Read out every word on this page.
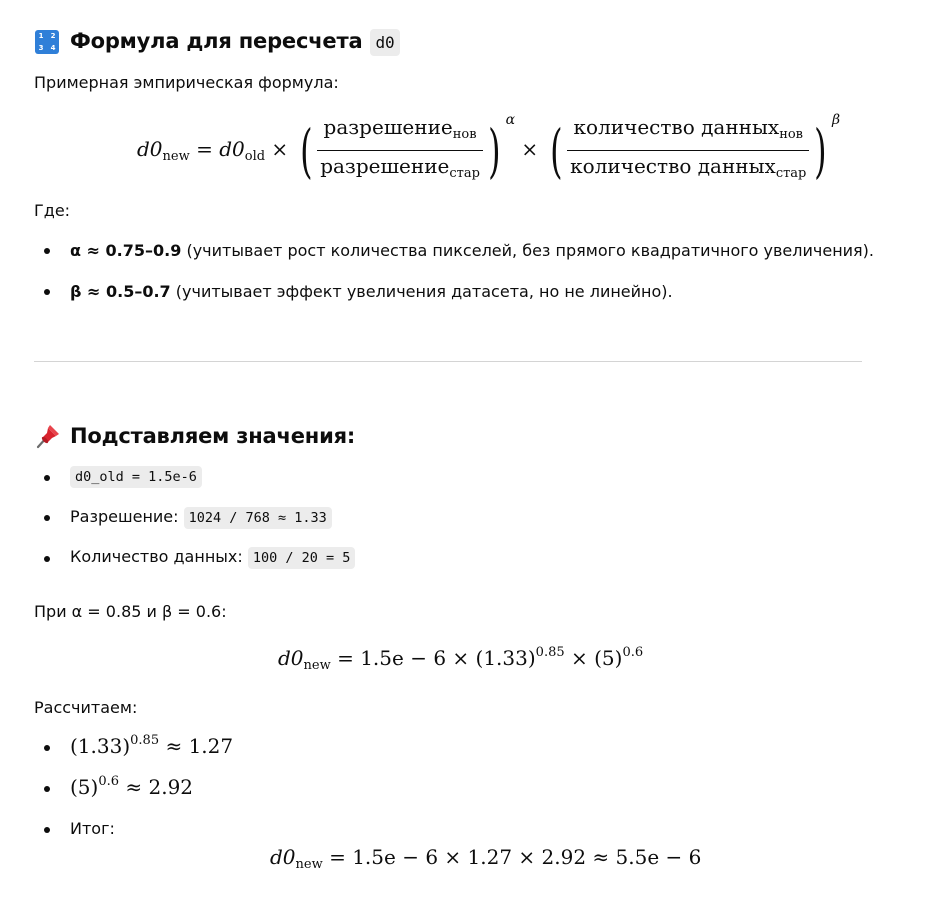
1	2
3	4 Формула для пересчета d0
Примерная эмпирическая формула:
$d0_{new} = d0_{old}$ × ( $\frac{разрешение_{нов}}{разрешение_{стар}}$ ) $^\alpha$ × ( $\frac{количество данных_{нов}}{количество данных_{стар}}$ ) $^\beta$
Где:
α ≈ 0.75–0.9 (учитывает рост количества пикселей, без прямого квадратичного увеличения).
β ≈ 0.5–0.7 (учитывает эффект увеличения датасета, но не линейно).
Подставляем значения:
d0_old = 1.5e-6
Разрешение: 1024 / 768 ≈ 1.33
Количество данных: 100 / 20 = 5
При α = 0.85 и β = 0.6:
$d0_{new} = 1.5e - 6 \times (1.33)^{0.85} \times (5)^{0.6}$
Рассчитаем:
$(1.33)^{0.85} \approx 1.27$
$(5)^{0.6} \approx 2.92$
Итог:
$d0_{new} = 1.5e - 6 \times 1.27 \times 2.92 \approx 5.5e - 6$
